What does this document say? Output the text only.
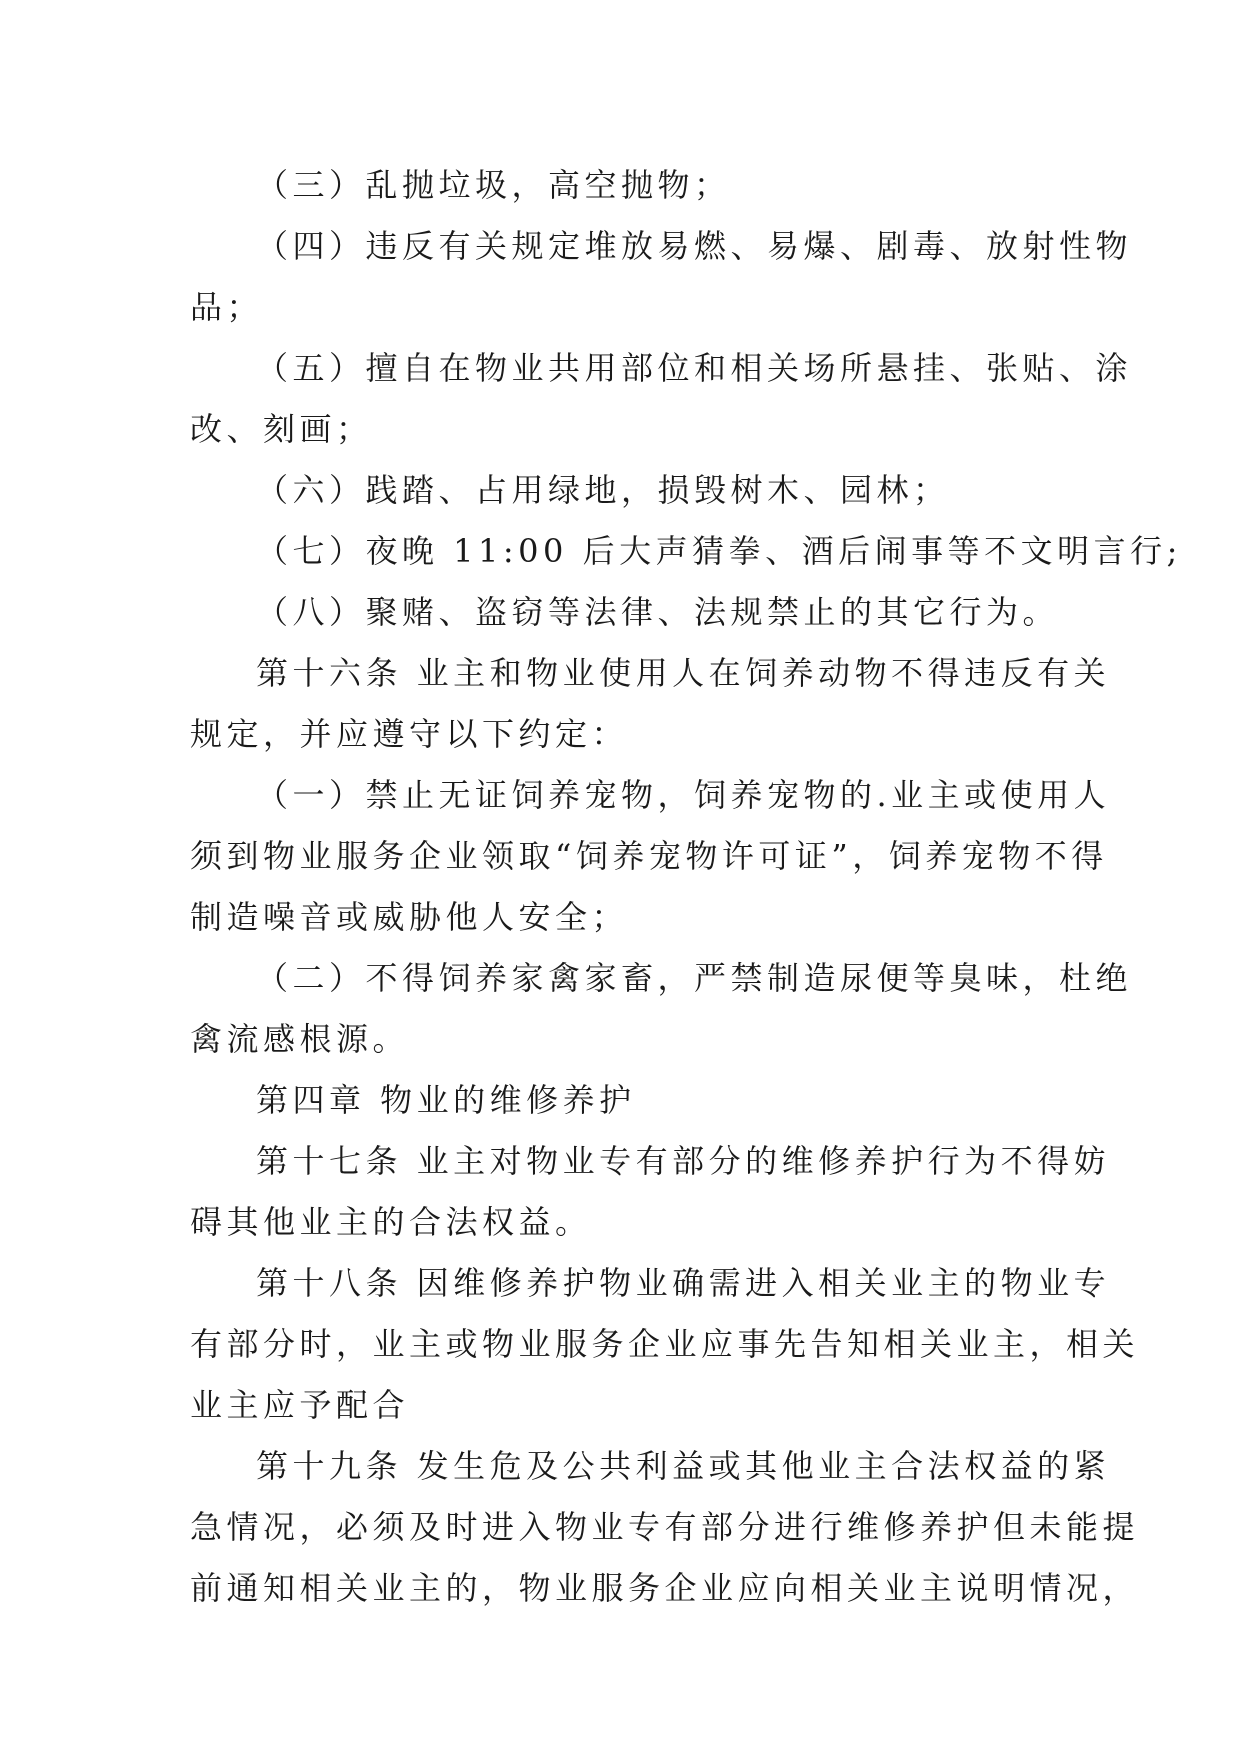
（三）乱抛垃圾，高空抛物；
（四）违反有关规定堆放易燃、易爆、剧毒、放射性物
品；
（五）擅自在物业共用部位和相关场所悬挂、张贴、涂
改、刻画；
（六）践踏、占用绿地，损毁树木、园林；
（七）夜晚 11:00 后大声猜拳、酒后闹事等不文明言行;
（八）聚赌、盗窃等法律、法规禁止的其它行为。
第十六条 业主和物业使用人在饲养动物不得违反有关
规定，并应遵守以下约定：
（一）禁止无证饲养宠物，饲养宠物的.业主或使用人
须到物业服务企业领取“饲养宠物许可证”，饲养宠物不得
制造噪音或威胁他人安全；
（二）不得饲养家禽家畜，严禁制造尿便等臭味，杜绝
禽流感根源。
第四章 物业的维修养护
第十七条 业主对物业专有部分的维修养护行为不得妨
碍其他业主的合法权益。
第十八条 因维修养护物业确需进入相关业主的物业专
有部分时，业主或物业服务企业应事先告知相关业主，相关
业主应予配合
第十九条 发生危及公共利益或其他业主合法权益的紧
急情况，必须及时进入物业专有部分进行维修养护但未能提
前通知相关业主的，物业服务企业应向相关业主说明情况，
